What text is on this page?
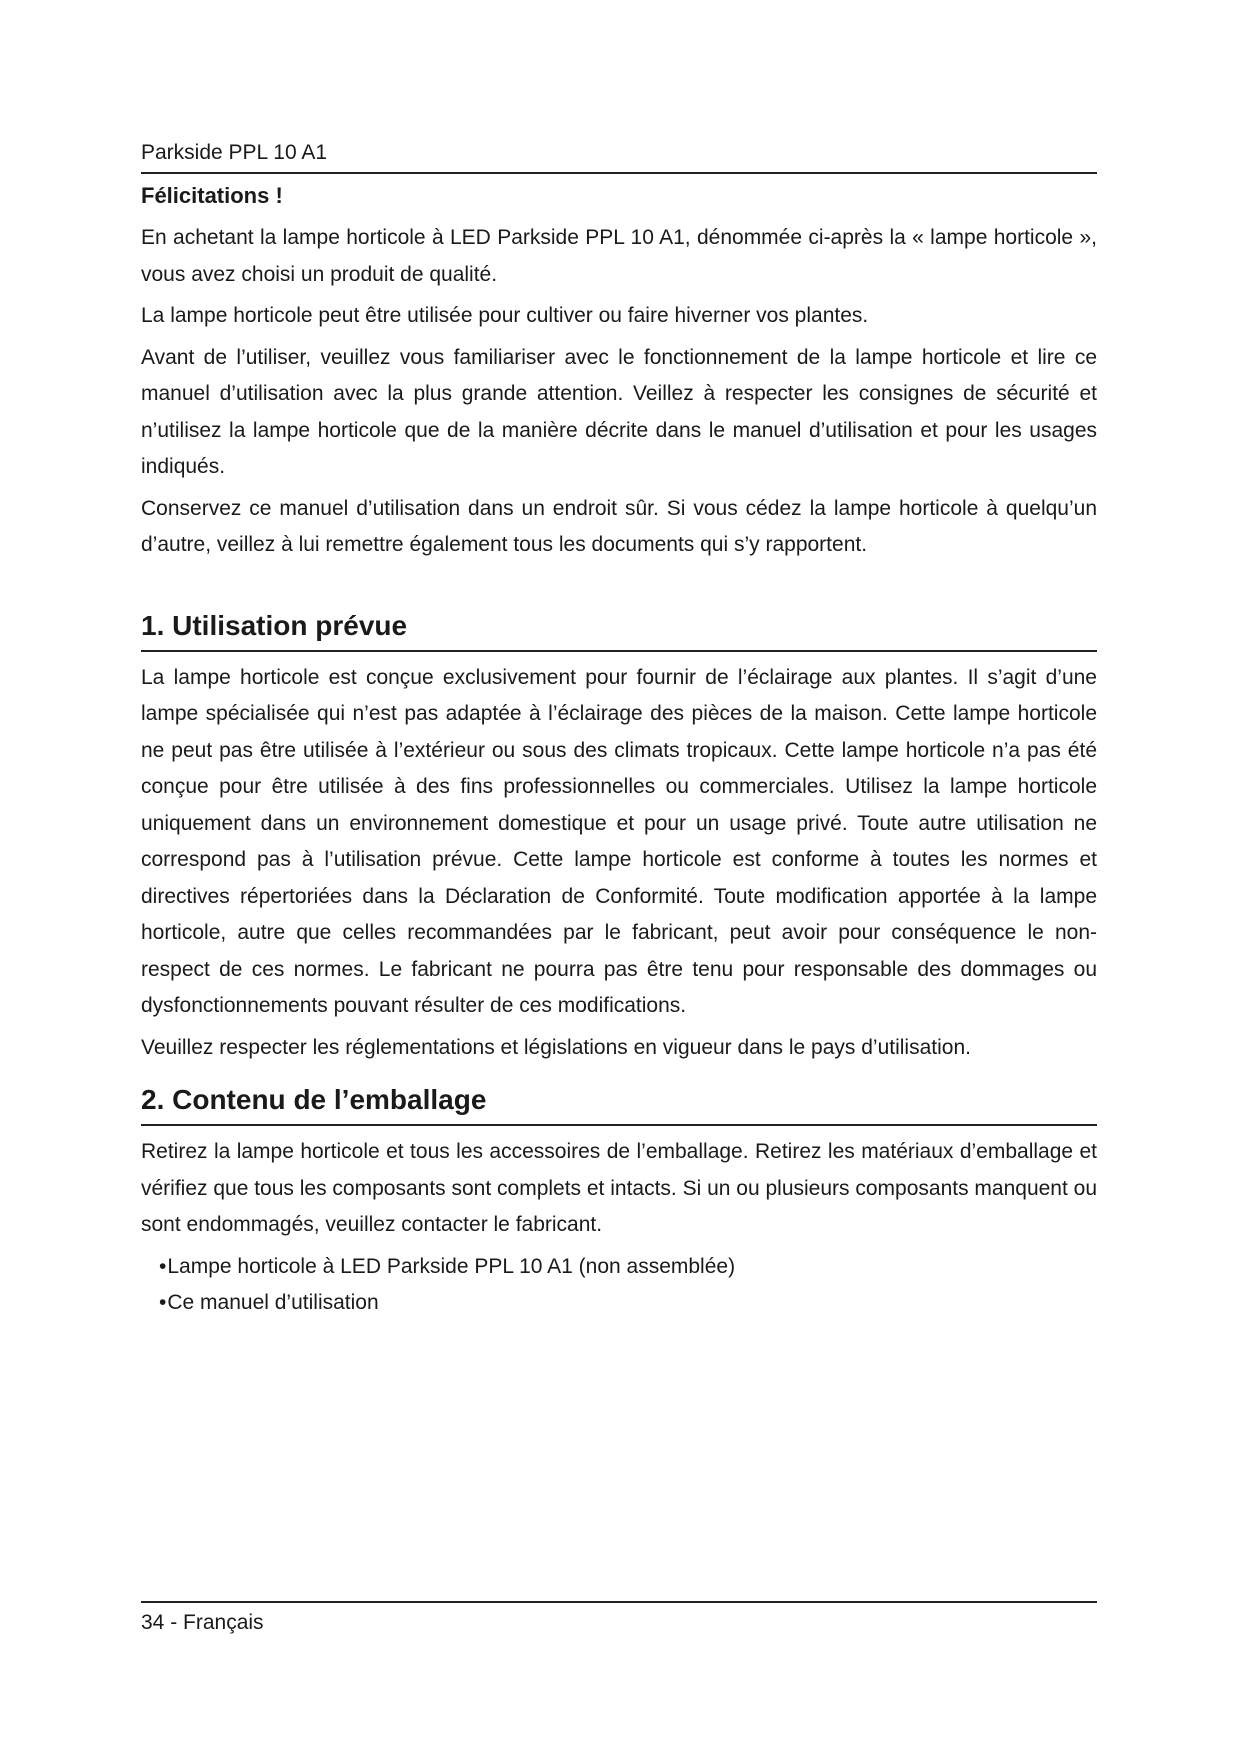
Parkside PPL 10 A1
Félicitations !

En achetant la lampe horticole à LED Parkside PPL 10 A1, dénommée ci-après la « lampe horticole », vous avez choisi un produit de qualité.

La lampe horticole peut être utilisée pour cultiver ou faire hiverner vos plantes.

Avant de l’utiliser, veuillez vous familiariser avec le fonctionnement de la lampe horticole et lire ce manuel d’utilisation avec la plus grande attention. Veillez à respecter les consignes de sécurité et n’utilisez la lampe horticole que de la manière décrite dans le manuel d’utilisation et pour les usages indiqués.

Conservez ce manuel d’utilisation dans un endroit sûr. Si vous cédez la lampe horticole à quelqu’un d’autre, veillez à lui remettre également tous les documents qui s’y rapportent.

1. Utilisation prévue

La lampe horticole est conçue exclusivement pour fournir de l’éclairage aux plantes. Il s’agit d’une lampe spécialisée qui n’est pas adaptée à l’éclairage des pièces de la maison. Cette lampe horticole ne peut pas être utilisée à l’extérieur ou sous des climats tropicaux. Cette lampe horticole n’a pas été conçue pour être utilisée à des fins professionnelles ou commerciales. Utilisez la lampe horticole uniquement dans un environnement domestique et pour un usage privé. Toute autre utilisation ne correspond pas à l’utilisation prévue. Cette lampe horticole est conforme à toutes les normes et directives répertoriées dans la Déclaration de Conformité. Toute modification apportée à la lampe horticole, autre que celles recommandées par le fabricant, peut avoir pour conséquence le non-respect de ces normes. Le fabricant ne pourra pas être tenu pour responsable des dommages ou dysfonctionnements pouvant résulter de ces modifications.

Veuillez respecter les réglementations et législations en vigueur dans le pays d’utilisation.

2. Contenu de l’emballage

Retirez la lampe horticole et tous les accessoires de l’emballage. Retirez les matériaux d’emballage et vérifiez que tous les composants sont complets et intacts. Si un ou plusieurs composants manquent ou sont endommagés, veuillez contacter le fabricant.

•Lampe horticole à LED Parkside PPL 10 A1 (non assemblée)
•Ce manuel d’utilisation
34 - Français
